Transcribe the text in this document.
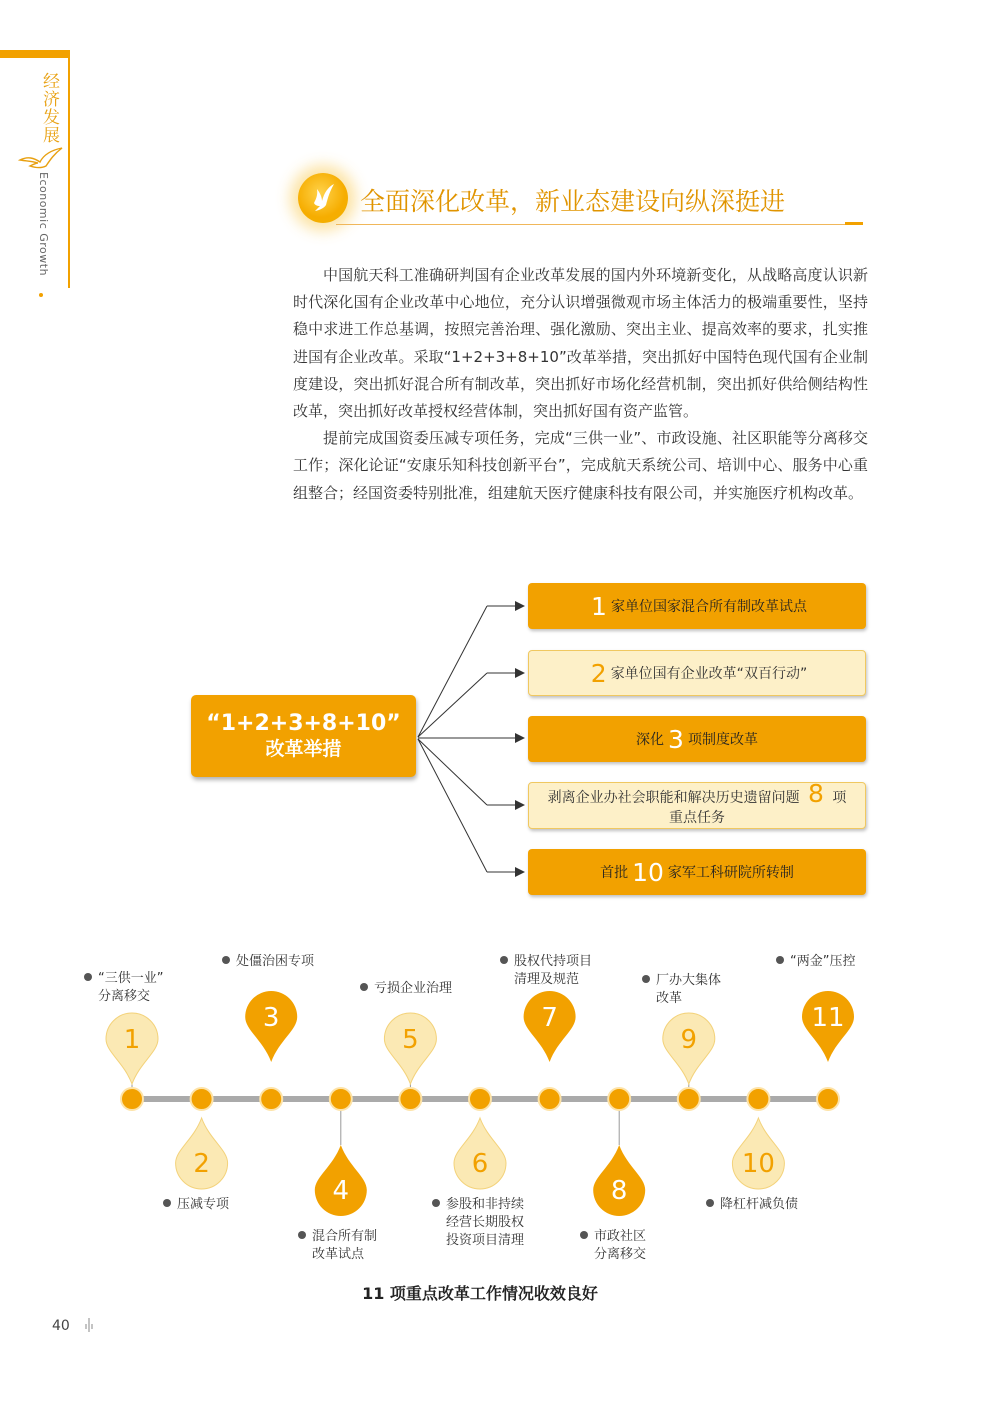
经济发展
Economic Growth	全面深化改革，新业态建设向纵深挺进

中国航天科工准确研判国有企业改革发展的国内外环境新变化，从战略高度认识新时代深化国有企业改革中心地位，充分认识增强微观市场主体活力的极端重要性，坚持稳中求进工作总基调，按照完善治理、强化激励、突出主业、提高效率的要求，扎实推进国有企业改革。采取“1+2+3+8+10”改革举措，突出抓好中国特色现代国有企业制度建设，突出抓好混合所有制改革，突出抓好市场化经营机制，突出抓好供给侧结构性改革，突出抓好改革授权经营体制，突出抓好国有资产监管。

提前完成国资委压减专项任务，完成“三供一业”、市政设施、社区职能等分离移交工作；深化论证“安康乐知科技创新平台”，完成航天系统公司、培训中心、服务中心重组整合；经国资委特别批准，组建航天医疗健康科技有限公司，并实施医疗机构改革。

“1+2+3+8+10”
改革举措
1 家单位国家混合所有制改革试点
2 家单位国有企业改革“双百行动”
深化 3 项制度改革
剥离企业办社会职能和解决历史遗留问题 8 项
重点任务
首批 10 家军工科研院所转制
1
2
3
4
5
6
7
8
9
10
11
“三供一业”
分离移交
处僵治困专项
亏损企业治理
股权代持项目
清理及规范	厂办大集体
改革
“两金”压控
压减专项
混合所有制
改革试点
参股和非持续
经营长期股权
投资项目清理	市政社区
分离移交
降杠杆减负债
11 项重点改革工作情况收效良好
40
